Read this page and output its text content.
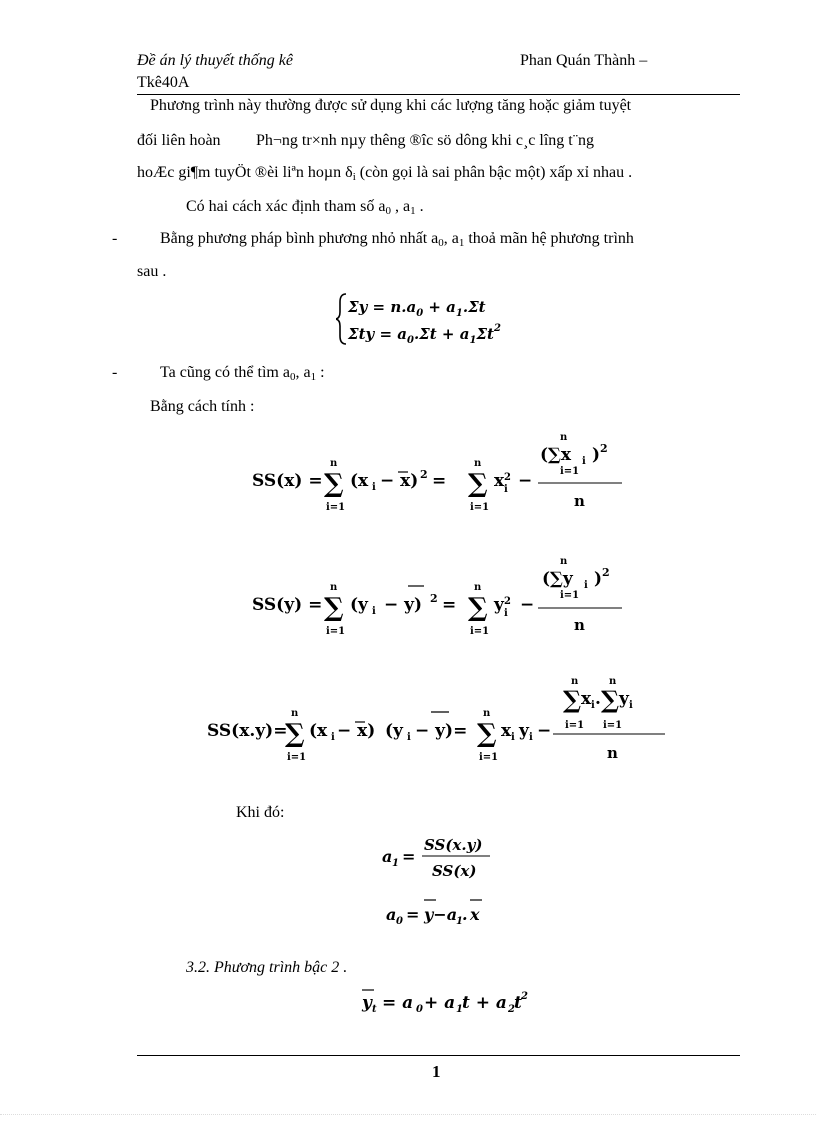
Đề án lý thuyết thống kê
Tkê40A
Phan Quán Thành –
Phương trình này thường được sử dụng khi các lượng tăng hoặc giảm tuyệt
đối liên hoàn Ph¬ng tr×nh nµy thêng ®îc sö dông khi c¸c lîng t¨ng
hoÆc gi¶m tuyÖt ®èi liªn hoµn $\delta_i$ (còn gọi là sai phân bậc một) xấp xỉ nhau .
Có hai cách xác định tham số $a_0$ , $a_1$ .
-	Bằng phương pháp bình phương nhỏ nhất $a_0$, $a_1$ thoả mãn hệ phương trình
sau .
$\Sigma y = n.a_0 + a_1.\Sigma t$
$\Sigma ty = a_0.\Sigma t + a_1\Sigma t^2$
-	Ta cũng có thể tìm $a_0$, $a_1$ :
Bằng cách tính :
SS(x) =
n
∑
i=1
(x i − x) 2 =
n
∑
i=1
x 2
i −
n
(∑x i ) 2
i=1
n
SS(y) =
n
∑
i=1
(y i − y) 2 =
n
∑
i=1
y 2
i −
n
(∑y i ) 2
i=1
n
SS(x.y)=
n
∑
i=1
(x i − x) (y i − y)=
n
∑
i=1
x i y i −
n
∑ x i .
n
∑ y i
i=1 i=1
n
Khi đó:
a 1 =
SS(x.y)
SS(x)
a 0 = y−a
1 . x
3.2. Phương trình bậc 2 .
y t = a 0 + a 1 t + a 2 t 2
1
